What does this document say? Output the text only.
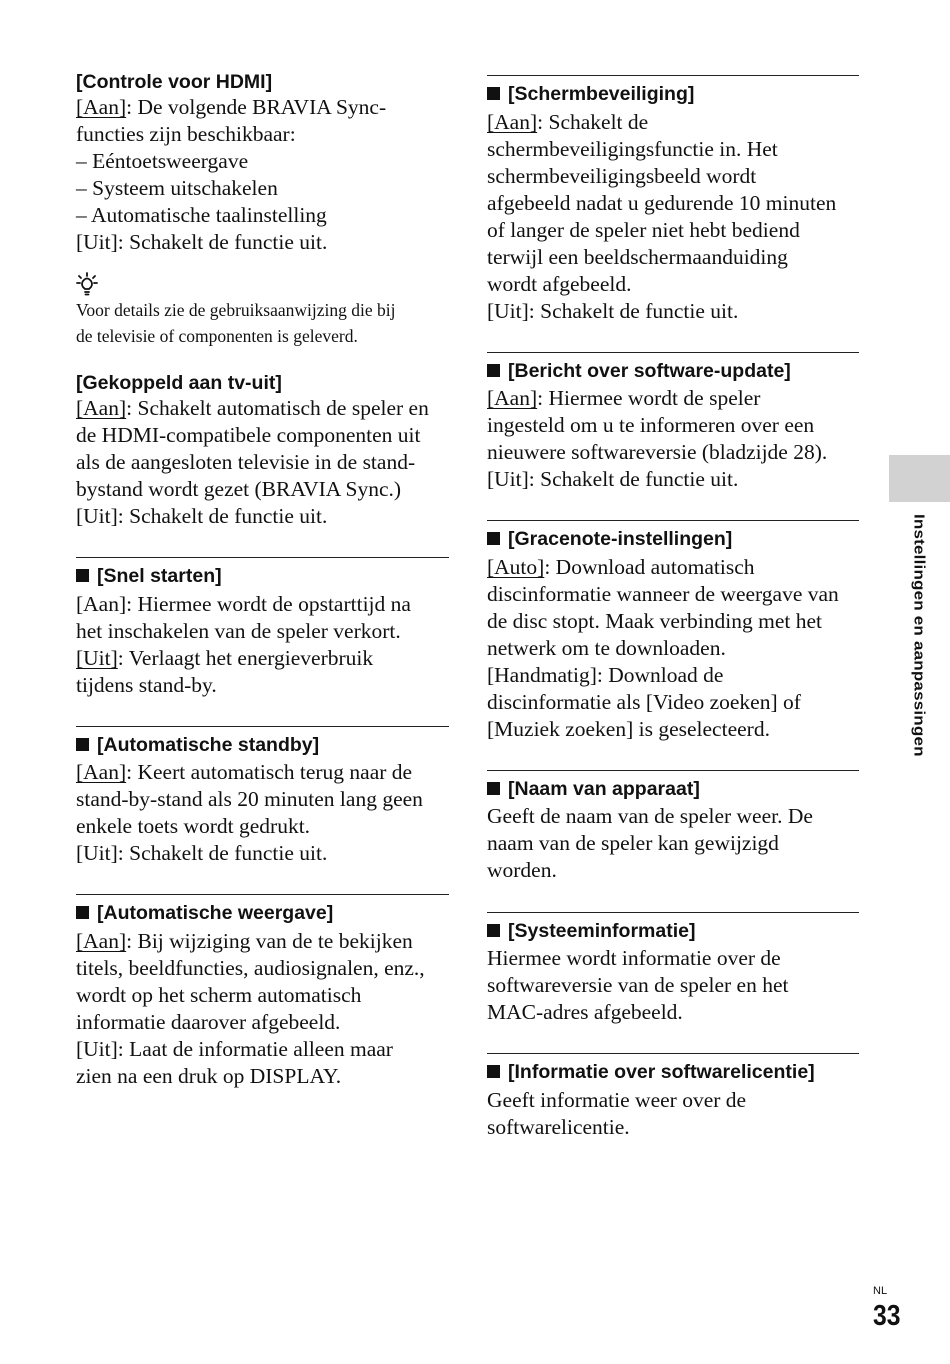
[Controle voor HDMI]
[Aan]: De volgende BRAVIA Sync-
functies zijn beschikbaar:
– Eéntoetsweergave
– Systeem uitschakelen
– Automatische taalinstelling
[Uit]: Schakelt de functie uit.
Voor details zie de gebruiksaanwijzing die bij
de televisie of componenten is geleverd.
[Gekoppeld aan tv-uit]
[Aan]: Schakelt automatisch de speler en
de HDMI-compatibele componenten uit
als de aangesloten televisie in de stand-
bystand wordt gezet (BRAVIA Sync.)
[Uit]: Schakelt de functie uit.
[Snel starten]
[Aan]: Hiermee wordt de opstarttijd na
het inschakelen van de speler verkort.
[Uit]: Verlaagt het energieverbruik
tijdens stand-by.
[Automatische standby]
[Aan]: Keert automatisch terug naar de
stand-by-stand als 20 minuten lang geen
enkele toets wordt gedrukt.
[Uit]: Schakelt de functie uit.
[Automatische weergave]
[Aan]: Bij wijziging van de te bekijken
titels, beeldfuncties, audiosignalen, enz.,
wordt op het scherm automatisch
informatie daarover afgebeeld.
[Uit]: Laat de informatie alleen maar
zien na een druk op DISPLAY.
[Schermbeveiliging]
[Aan]: Schakelt de
schermbeveiligingsfunctie in. Het
schermbeveiligingsbeeld wordt
afgebeeld nadat u gedurende 10 minuten
of langer de speler niet hebt bediend
terwijl een beeldschermaanduiding
wordt afgebeeld.
[Uit]: Schakelt de functie uit.
[Bericht over software-update]
[Aan]: Hiermee wordt de speler
ingesteld om u te informeren over een
nieuwere softwareversie (bladzijde 28).
[Uit]: Schakelt de functie uit.
[Gracenote-instellingen]
[Auto]: Download automatisch
discinformatie wanneer de weergave van
de disc stopt. Maak verbinding met het
netwerk om te downloaden.
[Handmatig]: Download de
discinformatie als [Video zoeken] of
[Muziek zoeken] is geselecteerd.
[Naam van apparaat]
Geeft de naam van de speler weer. De
naam van de speler kan gewijzigd
worden.
[Systeeminformatie]
Hiermee wordt informatie over de
softwareversie van de speler en het
MAC-adres afgebeeld.
[Informatie over softwarelicentie]
Geeft informatie weer over de
softwarelicentie.
Instellingen en aanpassingen
NL
33
